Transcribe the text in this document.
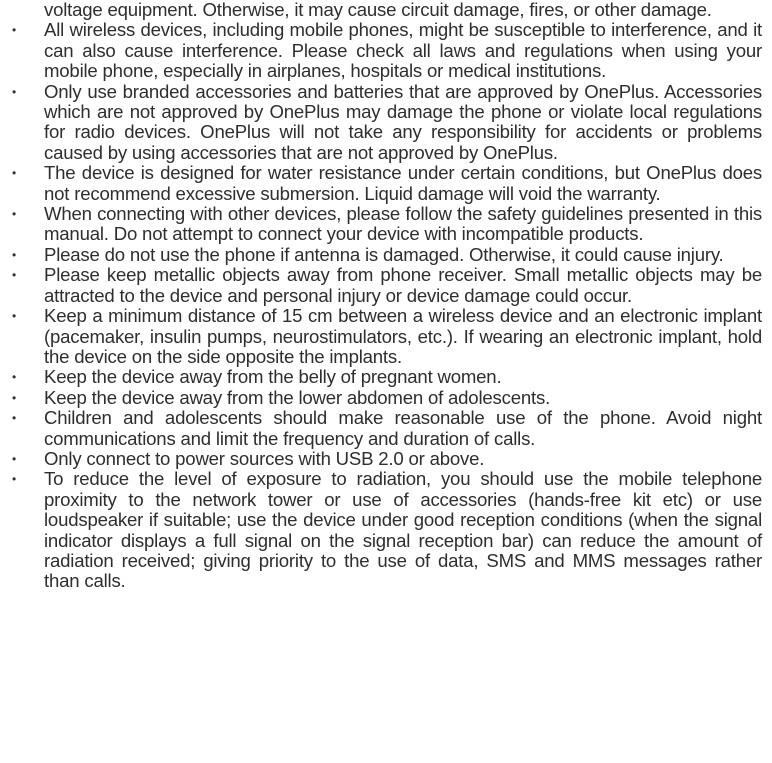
voltage equipment. Otherwise, it may cause circuit damage, fires, or other damage.

• All wireless devices, including mobile phones, might be susceptible to interference, and it can also cause interference. Please check all laws and regulations when using your mobile phone, especially in airplanes, hospitals or medical institutions.
• Only use branded accessories and batteries that are approved by OnePlus. Accessories which are not approved by OnePlus may damage the phone or violate local regulations for radio devices. OnePlus will not take any responsibility for accidents or problems caused by using accessories that are not approved by OnePlus.
• The device is designed for water resistance under certain conditions, but OnePlus does not recommend excessive submersion. Liquid damage will void the warranty.
• When connecting with other devices, please follow the safety guidelines presented in this manual. Do not attempt to connect your device with incompatible products.
• Please do not use the phone if antenna is damaged. Otherwise, it could cause injury.
• Please keep metallic objects away from phone receiver. Small metallic objects may be attracted to the device and personal injury or device damage could occur.
• Keep a minimum distance of 15 cm between a wireless device and an electronic implant (pacemaker, insulin pumps, neurostimulators, etc.). If wearing an electronic implant, hold the device on the side opposite the implants.
• Keep the device away from the belly of pregnant women.
• Keep the device away from the lower abdomen of adolescents.
• Children and adolescents should make reasonable use of the phone. Avoid night communications and limit the frequency and duration of calls.
• Only connect to power sources with USB 2.0 or above.
• To reduce the level of exposure to radiation, you should use the mobile telephone proximity to the network tower or use of accessories (hands-free kit etc) or use loudspeaker if suitable; use the device under good reception conditions (when the signal indicator displays a full signal on the signal reception bar) can reduce the amount of radiation received; giving priority to the use of data, SMS and MMS messages rather than calls.
